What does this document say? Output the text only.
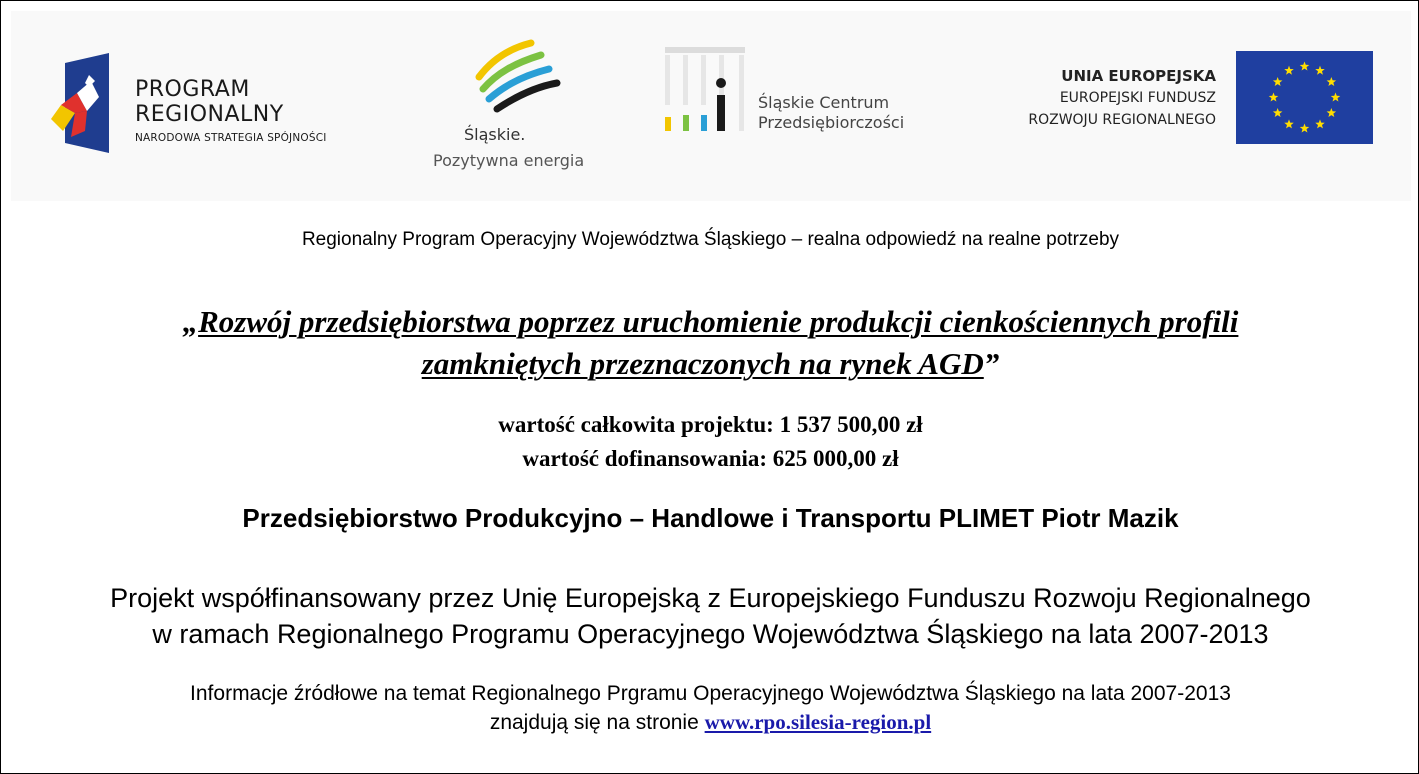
PROGRAM
REGIONALNY
NARODOWA STRATEGIA SPÓJNOŚCI	Śląskie.
Pozytywna energia
Śląskie Centrum
Przedsiębiorczości
UNIA EUROPEJSKA
EUROPEJSKI FUNDUSZ
ROZWOJU REGIONALNEGO
Regionalny Program Operacyjny Województwa Śląskiego – realna odpowiedź na realne potrzeby
„Rozwój przedsiębiorstwa poprzez uruchomienie produkcji cienkościennych profili
zamkniętych przeznaczonych na rynek AGD”
wartość całkowita projektu: 1 537 500,00 zł
wartość dofinansowania: 625 000,00 zł
Przedsiębiorstwo Produkcyjno – Handlowe i Transportu PLIMET Piotr Mazik
Projekt współfinansowany przez Unię Europejską z Europejskiego Funduszu Rozwoju Regionalnego
w ramach Regionalnego Programu Operacyjnego Województwa Śląskiego na lata 2007-2013
Informacje źródłowe na temat Regionalnego Prgramu Operacyjnego Województwa Śląskiego na lata 2007-2013
znajdują się na stronie www.rpo.silesia-region.pl
